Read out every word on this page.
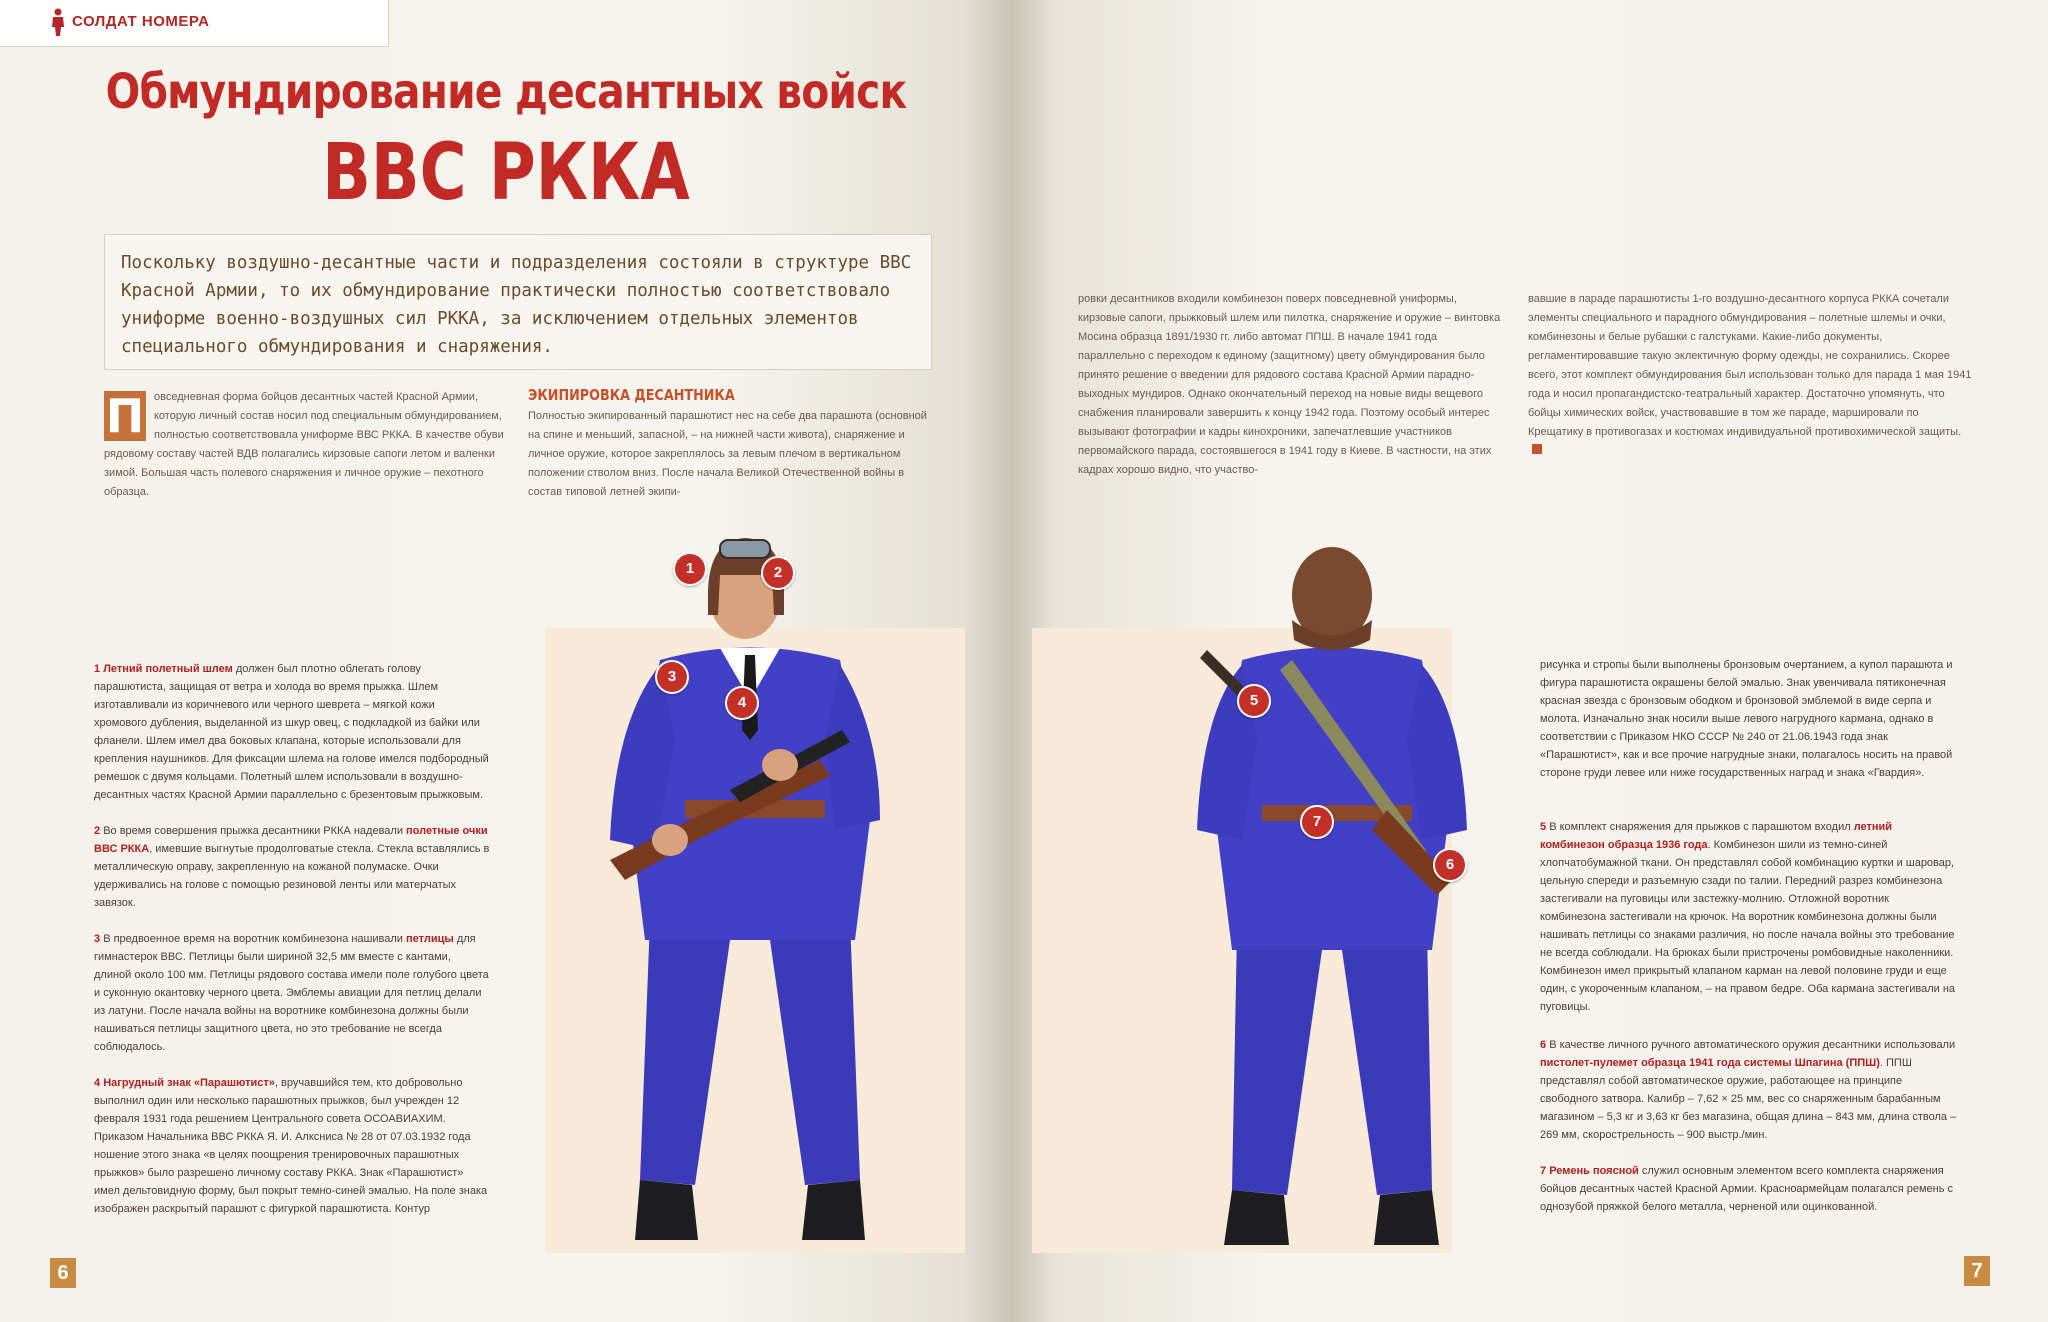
СОЛДАТ НОМЕРА
Обмундирование десантных войск
ВВС РККА
Поскольку воздушно-десантные части и подразделения состояли в структуре ВВС Красной Армии, то их обмундирование практически полностью соответствовало униформе военно-воздушных сил РККА, за исключением отдельных элементов специального обмундирования и снаряжения.
П овседневная форма бойцов десантных частей Красной Армии, которую личный состав носил под специальным обмундированием, полностью соответствовала униформе ВВС РККА. В качестве обуви рядовому составу частей ВДВ полагались кирзовые сапоги летом и валенки зимой. Большая часть полевого снаряжения и личное оружие – пехотного образца.
ЭКИПИРОВКА ДЕСАНТНИКА
Полностью экипированный парашютист нес на себе два парашюта (основной на спине и меньший, запасной, – на нижней части живота), снаряжение и личное оружие, которое закреплялось за левым плечом в вертикальном положении стволом вниз. После начала Великой Отечественной войны в состав типовой летней экипи-
1 Летний полетный шлем должен был плотно облегать голову парашютиста, защищая от ветра и холода во время прыжка. Шлем изготавливали из коричневого или черного шеврета – мягкой кожи хромового дубления, выделанной из шкур овец, с подкладкой из байки или фланели. Шлем имел два боковых клапана, которые использовали для крепления наушников. Для фиксации шлема на голове имелся подбородный ремешок с двумя кольцами. Полетный шлем использовали в воздушно-десантных частях Красной Армии параллельно с брезентовым прыжковым.
2 Во время совершения прыжка десантники РККА надевали полетные очки ВВС РККА, имевшие выгнутые продолговатые стекла. Стекла вставлялись в металлическую оправу, закрепленную на кожаной полумаске. Очки удерживались на голове с помощью резиновой ленты или матерчатых завязок.
3 В предвоенное время на воротник комбинезона нашивали петлицы для гимнастерок ВВС. Петлицы были шириной 32,5 мм вместе с кантами, длиной около 100 мм. Петлицы рядового состава имели поле голубого цвета и суконную окантовку черного цвета. Эмблемы авиации для петлиц делали из латуни. После начала войны на воротнике комбинезона должны были нашиваться петлицы защитного цвета, но это требование не всегда соблюдалось.
4 Нагрудный знак «Парашютист», вручавшийся тем, кто добровольно выполнил один или несколько парашютных прыжков, был учрежден 12 февраля 1931 года решением Центрального совета ОСОАВИАХИМ. Приказом Начальника ВВС РККА Я. И. Алксниса № 28 от 07.03.1932 года ношение этого знака «в целях поощрения тренировочных парашютных прыжков» было разрешено личному составу РККА. Знак «Парашютист» имел дельтовидную форму, был покрыт темно-синей эмалью. На поле знака изображен раскрытый парашют с фигуркой парашютиста. Контур
1	2
3
4
6
ровки десантников входили комбинезон поверх повседневной униформы, кирзовые сапоги, прыжковый шлем или пилотка, снаряжение и оружие – винтовка Мосина образца 1891/1930 гг. либо автомат ППШ. В начале 1941 года параллельно с переходом к единому (защитному) цвету обмундирования было принято решение о введении для рядового состава Красной Армии парадно-выходных мундиров. Однако окончательный переход на новые виды вещевого снабжения планировали завершить к концу 1942 года. Поэтому особый интерес вызывают фотографии и кадры кинохроники, запечатлевшие участников первомайского парада, состоявшегося в 1941 году в Киеве. В частности, на этих кадрах хорошо видно, что участво-
вавшие в параде парашютисты 1-го воздушно-десантного корпуса РККА сочетали элементы специального и парадного обмундирования – полетные шлемы и очки, комбинезоны и белые рубашки с галстуками. Какие-либо документы, регламентировавшие такую эклектичную форму одежды, не сохранились. Скорее всего, этот комплект обмундирования был использован только для парада 1 мая 1941 года и носил пропагандистско-театральный характер. Достаточно упомянуть, что бойцы химических войск, участвовавшие в том же параде, маршировали по Крещатику в противогазах и костюмах индивидуальной противохимической защиты.
5
6
7
рисунка и стропы были выполнены бронзовым очертанием, а купол парашюта и фигура парашютиста окрашены белой эмалью. Знак увенчивала пятиконечная красная звезда с бронзовым ободком и бронзовой эмблемой в виде серпа и молота. Изначально знак носили выше левого нагрудного кармана, однако в соответствии с Приказом НКО СССР № 240 от 21.06.1943 года знак «Парашютист», как и все прочие нагрудные знаки, полагалось носить на правой стороне груди левее или ниже государственных наград и знака «Гвардия».
5 В комплект снаряжения для прыжков с парашютом входил летний комбинезон образца 1936 года. Комбинезон шили из темно-синей хлопчатобумажной ткани. Он представлял собой комбинацию куртки и шаровар, цельную спереди и разъемную сзади по талии. Передний разрез комбинезона застегивали на пуговицы или застежку-молнию. Отложной воротник комбинезона застегивали на крючок. На воротник комбинезона должны были нашивать петлицы со знаками различия, но после начала войны это требование не всегда соблюдали. На брюках были пристрочены ромбовидные наколенники. Комбинезон имел прикрытый клапаном карман на левой половине груди и еще один, с укороченным клапаном, – на правом бедре. Оба кармана застегивали на пуговицы.
6 В качестве личного ручного автоматического оружия десантники использовали пистолет-пулемет образца 1941 года системы Шпагина (ППШ). ППШ представлял собой автоматическое оружие, работающее на принципе свободного затвора. Калибр – 7,62 × 25 мм, вес со снаряженным барабанным магазином – 5,3 кг и 3,63 кг без магазина, общая длина – 843 мм, длина ствола – 269 мм, скорострельность – 900 выстр./мин.
7 Ремень поясной служил основным элементом всего комплекта снаряжения бойцов десантных частей Красной Армии. Красноармейцам полагался ремень с однозубой пряжкой белого металла, черненой или оцинкованной.
7
